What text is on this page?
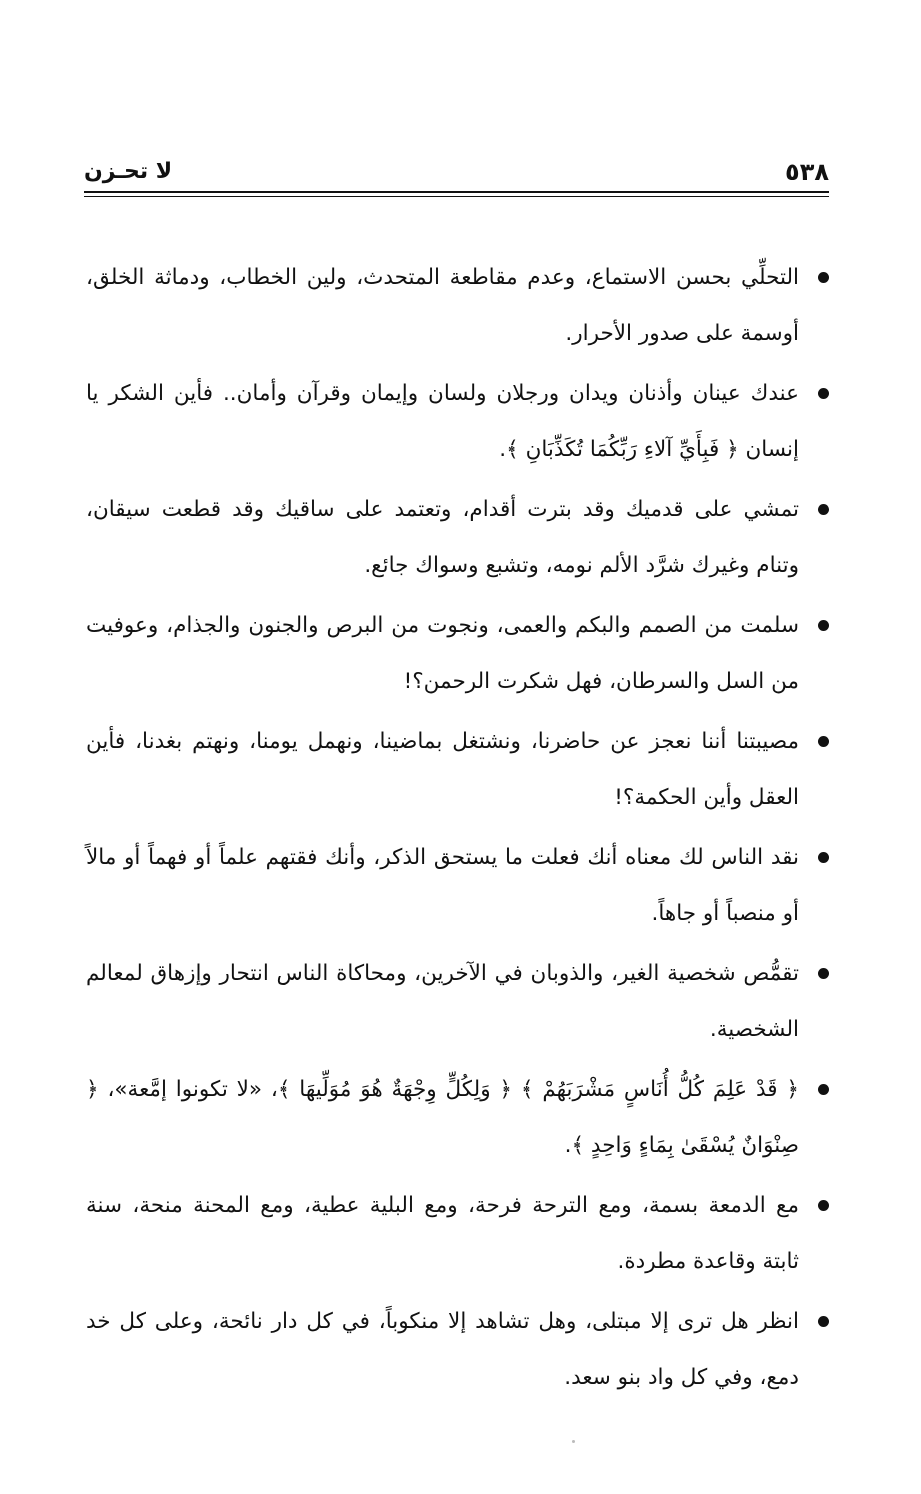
٥٣٨
لا تحـزن
التحلِّي بحسن الاستماع، وعدم مقاطعة المتحدث، ولين الخطاب، ودماثة الخلق، أوسمة على صدور الأحرار.
عندك عينان وأذنان ويدان ورجلان ولسان وإيمان وقرآن وأمان.. فأين الشكر يا إنسان ﴿ فَبِأَيِّ آلاءِ رَبِّكُمَا تُكَذِّبَانِ ﴾.
تمشي على قدميك وقد بترت أقدام، وتعتمد على ساقيك وقد قطعت سيقان، وتنام وغيرك شرَّد الألم نومه، وتشبع وسواك جائع.
سلمت من الصمم والبكم والعمى، ونجوت من البرص والجنون والجذام، وعوفيت من السل والسرطان، فهل شكرت الرحمن؟!
مصيبتنا أننا نعجز عن حاضرنا، ونشتغل بماضينا، ونهمل يومنا، ونهتم بغدنا، فأين العقل وأين الحكمة؟!
نقد الناس لك معناه أنك فعلت ما يستحق الذكر، وأنك فقتهم علماً أو فهماً أو مالاً أو منصباً أو جاهاً.
تقمُّص شخصية الغير، والذوبان في الآخرين، ومحاكاة الناس انتحار وإزهاق لمعالم الشخصية.
﴿ قَدْ عَلِمَ كُلُّ أُنَاسٍ مَشْرَبَهُمْ ﴾ ﴿ وَلِكُلٍّ وِجْهَةٌ هُوَ مُوَلِّيهَا ﴾، «لا تكونوا إمَّعة»، ﴿ صِنْوَانٌ يُسْقَىٰ بِمَاءٍ وَاحِدٍ ﴾.
مع الدمعة بسمة، ومع الترحة فرحة، ومع البلية عطية، ومع المحنة منحة، سنة ثابتة وقاعدة مطردة.
انظر هل ترى إلا مبتلى، وهل تشاهد إلا منكوباً، في كل دار نائحة، وعلى كل خد دمع، وفي كل واد بنو سعد.
